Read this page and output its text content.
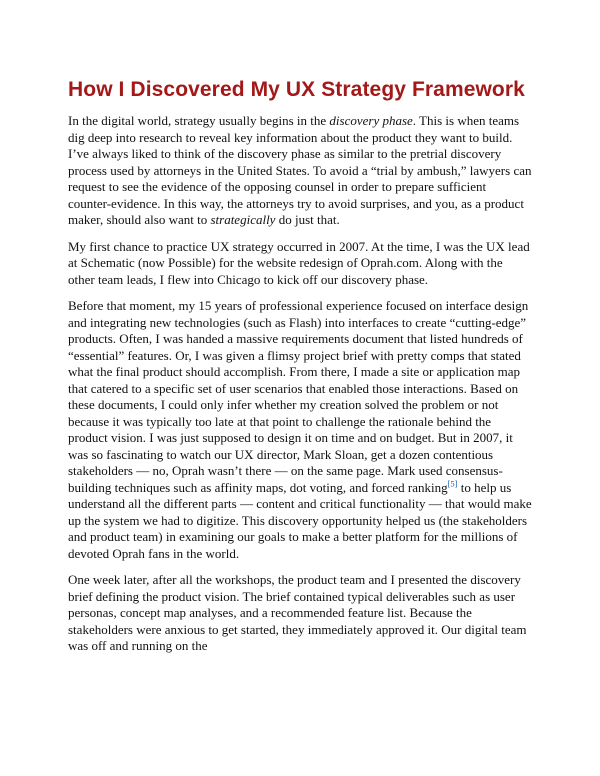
How I Discovered My UX Strategy Framework

In the digital world, strategy usually begins in the discovery phase. This is when teams dig deep into research to reveal key information about the product they want to build. I’ve always liked to think of the discovery phase as similar to the pretrial discovery process used by attorneys in the United States. To avoid a “trial by ambush,” lawyers can request to see the evidence of the opposing counsel in order to prepare sufficient counter-evidence. In this way, the attorneys try to avoid surprises, and you, as a product maker, should also want to strategically do just that.

My first chance to practice UX strategy occurred in 2007. At the time, I was the UX lead at Schematic (now Possible) for the website redesign of Oprah.com. Along with the other team leads, I flew into Chicago to kick off our discovery phase.

Before that moment, my 15 years of professional experience focused on interface design and integrating new technologies (such as Flash) into interfaces to create “cutting-edge” products. Often, I was handed a massive requirements document that listed hundreds of “essential” features. Or, I was given a flimsy project brief with pretty comps that stated what the final product should accomplish. From there, I made a site or application map that catered to a specific set of user scenarios that enabled those interactions. Based on these documents, I could only infer whether my creation solved the problem or not because it was typically too late at that point to challenge the rationale behind the product vision. I was just supposed to design it on time and on budget. But in 2007, it was so fascinating to watch our UX director, Mark Sloan, get a dozen contentious stakeholders — no, Oprah wasn’t there — on the same page. Mark used consensus-building techniques such as affinity maps, dot voting, and forced ranking[5] to help us understand all the different parts — content and critical functionality — that would make up the system we had to digitize. This discovery opportunity helped us (the stakeholders and product team) in examining our goals to make a better platform for the millions of devoted Oprah fans in the world.

One week later, after all the workshops, the product team and I presented the discovery brief defining the product vision. The brief contained typical deliverables such as user personas, concept map analyses, and a recommended feature list. Because the stakeholders were anxious to get started, they immediately approved it. Our digital team was off and running on the
